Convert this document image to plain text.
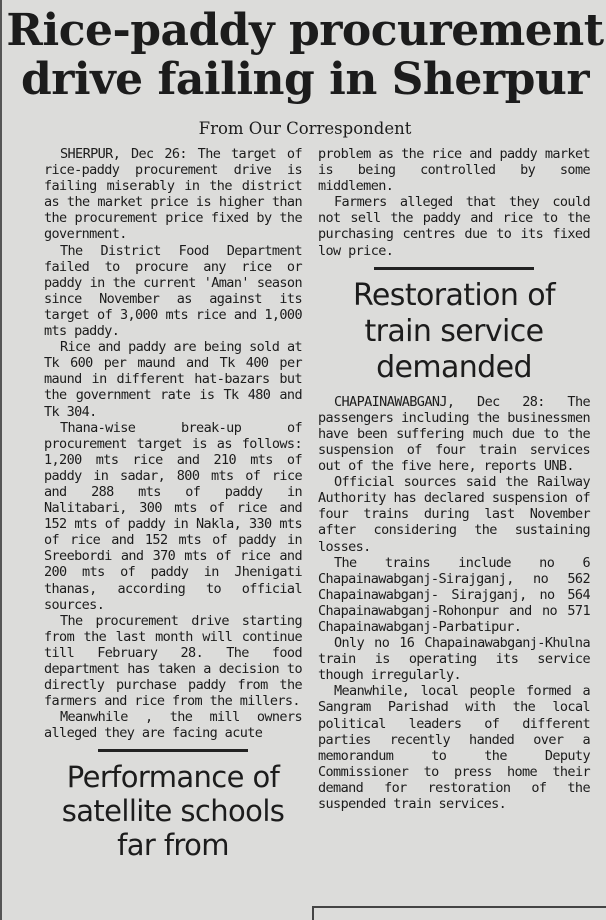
Rice-paddy procurement
drive failing in Sherpur
From Our Correspondent

SHERPUR, Dec 26: The target of rice-paddy procurement drive is failing miserably in the district as the market price is higher than the procurement price fixed by the government.

The District Food Department failed to procure any rice or paddy in the current 'Aman' season since November as against its target of 3,000 mts rice and 1,000 mts paddy.

Rice and paddy are being sold at Tk 600 per maund and Tk 400 per maund in different hat-bazars but the government rate is Tk 480 and Tk 304.

Thana-wise break-up of procurement target is as follows: 1,200 mts rice and 210 mts of paddy in sadar, 800 mts of rice and 288 mts of paddy in Nalitabari, 300 mts of rice and 152 mts of paddy in Nakla, 330 mts of rice and 152 mts of paddy in Sreebordi and 370 mts of rice and 200 mts of paddy in Jhenigati thanas, according to official sources.

The procurement drive starting from the last month will continue till February 28. The food department has taken a decision to directly purchase paddy from the farmers and rice from the millers.

Meanwhile , the mill owners alleged they are facing acute

Performance of satellite schools far from

problem as the rice and paddy market is being controlled by some middlemen.

Farmers alleged that they could not sell the paddy and rice to the purchasing centres due to its fixed low price.

Restoration of train service demanded

CHAPAINAWABGANJ, Dec 28: The passengers including the businessmen have been suffering much due to the suspension of four train services out of the five here, reports UNB.

Official sources said the Railway Authority has declared suspension of four trains during last November after considering the sustaining losses.

The trains include no 6 Chapainawabganj-Sirajganj, no 562 Chapainawabganj- Sirajganj, no 564 Chapainawabganj-Rohonpur and no 571 Chapainawabganj-Parbatipur.

Only no 16 Chapainawabganj-Khulna train is operating its service though irregularly.

Meanwhile, local people formed a Sangram Parishad with the local political leaders of different parties recently handed over a memorandum to the Deputy Commissioner to press home their demand for restoration of the suspended train services.
